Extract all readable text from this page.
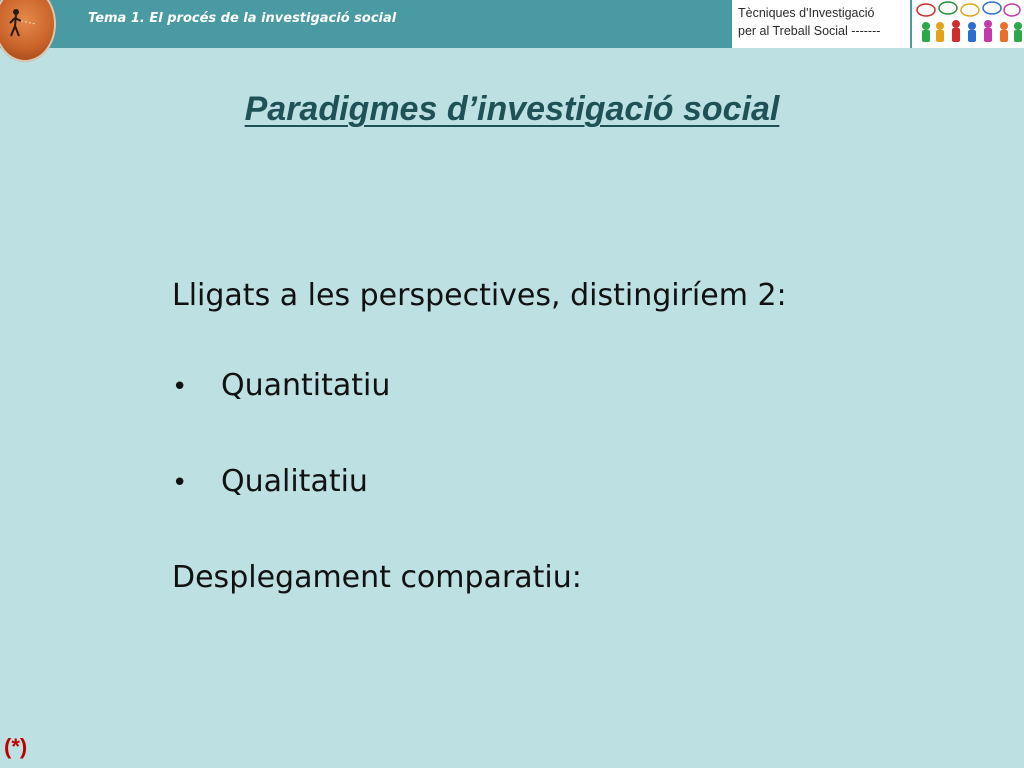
Tema 1. El procés de la investigació social	Tècniques d'Investigació
per al Treball Social -------
Paradigmes d’investigació social
Lligats a les perspectives, distingiríem 2:
• Quantitatiu
• Qualitatiu
Desplegament comparatiu:
(*)
